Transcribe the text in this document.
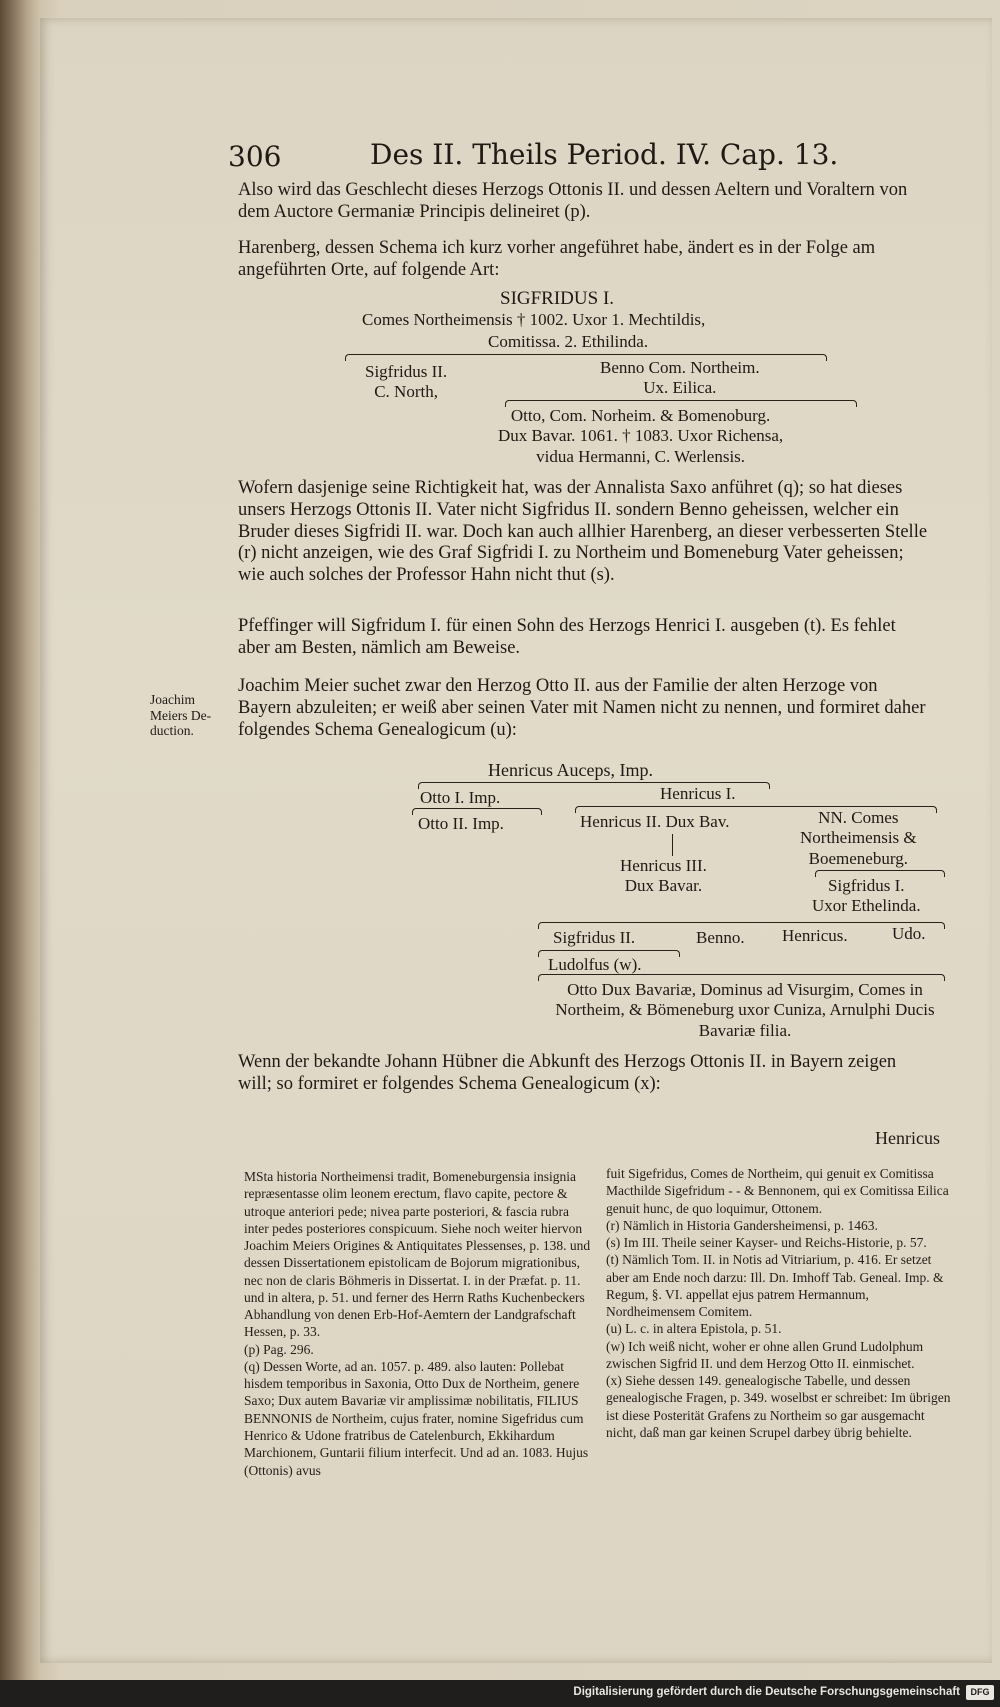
306	Des II. Theils Period. IV. Cap. 13.
Also wird das Geschlecht dieses Herzogs Ottonis II. und dessen Aeltern und Voraltern von dem Auctore Germaniæ Principis delineiret (p).
Harenberg, dessen Schema ich kurz vorher angeführet habe, ändert es in der Folge am angeführten Orte, auf folgende Art:
SIGFRIDUS I.
Comes Northeimensis † 1002. Uxor 1. Mechtildis,
Comitissa. 2. Ethilinda.
Sigfridus II.
C. North,
Benno Com. Northeim.
Ux. Eilica.
Otto, Com. Norheim. & Bomenoburg.
Dux Bavar. 1061. † 1083. Uxor Richensa,
vidua Hermanni, C. Werlensis.
Wofern dasjenige seine Richtigkeit hat, was der Annalista Saxo anführet (q); so hat dieses unsers Herzogs Ottonis II. Vater nicht Sigfridus II. sondern Benno geheissen, welcher ein Bruder dieses Sigfridi II. war. Doch kan auch allhier Harenberg, an dieser verbesserten Stelle (r) nicht anzeigen, wie des Graf Sigfridi I. zu Northeim und Bomeneburg Vater geheissen; wie auch solches der Professor Hahn nicht thut (s).
Pfeffinger will Sigfridum I. für einen Sohn des Herzogs Henrici I. ausgeben (t). Es fehlet aber am Besten, nämlich am Beweise.
Joachim
Meiers De-
duction.
Joachim Meier suchet zwar den Herzog Otto II. aus der Familie der alten Herzoge von Bayern abzuleiten; er weiß aber seinen Vater mit Namen nicht zu nennen, und formiret daher folgendes Schema Genealogicum (u):
Henricus Auceps, Imp.
Otto I. Imp.	Henricus I.
Otto II. Imp.	Henricus II. Dux Bav.	NN. Comes
Northeimensis &
Boemeneburg.
Henricus III.
Dux Bavar.	Sigfridus I.
Uxor Ethelinda.
Sigfridus II.	Benno. Henricus.	Udo.
Ludolfus (w).
Otto Dux Bavariæ, Dominus ad Visurgim, Comes in Northeim, & Bömeneburg uxor Cuniza, Arnulphi Ducis Bavariæ filia.
Wenn der bekandte Johann Hübner die Abkunft des Herzogs Ottonis II. in Bayern zeigen will; so formiret er folgendes Schema Genealogicum (x):
Henricus
MSta historia Northeimensi tradit, Bomeneburgensia insignia repræsentasse olim leonem erectum, flavo capite, pectore & utroque anteriori pede; nivea parte posteriori, & fascia rubra inter pedes posteriores conspicuum. Siehe noch weiter hiervon Joachim Meiers Origines & Antiquitates Plessenses, p. 138. und dessen Dissertationem epistolicam de Bojorum migrationibus, nec non de claris Böhmeris in Dissertat. I. in der Præfat. p. 11. und in altera, p. 51. und ferner des Herrn Raths Kuchenbeckers Abhandlung von denen Erb-Hof-Aemtern der Landgrafschaft Hessen, p. 33.
(p) Pag. 296.
(q) Dessen Worte, ad an. 1057. p. 489. also lauten: Pollebat hisdem temporibus in Saxonia, Otto Dux de Northeim, genere Saxo; Dux autem Bavariæ vir amplissimæ nobilitatis, FILIUS BENNONIS de Northeim, cujus frater, nomine Sigefridus cum Henrico & Udone fratribus de Catelenburch, Ekkihardum Marchionem, Guntarii filium interfecit. Und ad an. 1083. Hujus (Ottonis) avus
fuit Sigefridus, Comes de Northeim, qui genuit ex Comitissa Macthilde Sigefridum - - & Bennonem, qui ex Comitissa Eilica genuit hunc, de quo loquimur, Ottonem.
(r) Nämlich in Historia Gandersheimensi, p. 1463.
(s) Im III. Theile seiner Kayser- und Reichs-Historie, p. 57.
(t) Nämlich Tom. II. in Notis ad Vitriarium, p. 416. Er setzet aber am Ende noch darzu: Ill. Dn. Imhoff Tab. Geneal. Imp. & Regum, §. VI. appellat ejus patrem Hermannum, Nordheimensem Comitem.
(u) L. c. in altera Epistola, p. 51.
(w) Ich weiß nicht, woher er ohne allen Grund Ludolphum zwischen Sigfrid II. und dem Herzog Otto II. einmischet.
(x) Siehe dessen 149. genealogische Tabelle, und dessen genealogische Fragen, p. 349. woselbst er schreibet: Im übrigen ist diese Posterität Grafens zu Northeim so gar ausgemacht nicht, daß man gar keinen Scrupel darbey übrig behielte.
Digitalisierung gefördert durch die Deutsche Forschungsgemeinschaft	DFG
